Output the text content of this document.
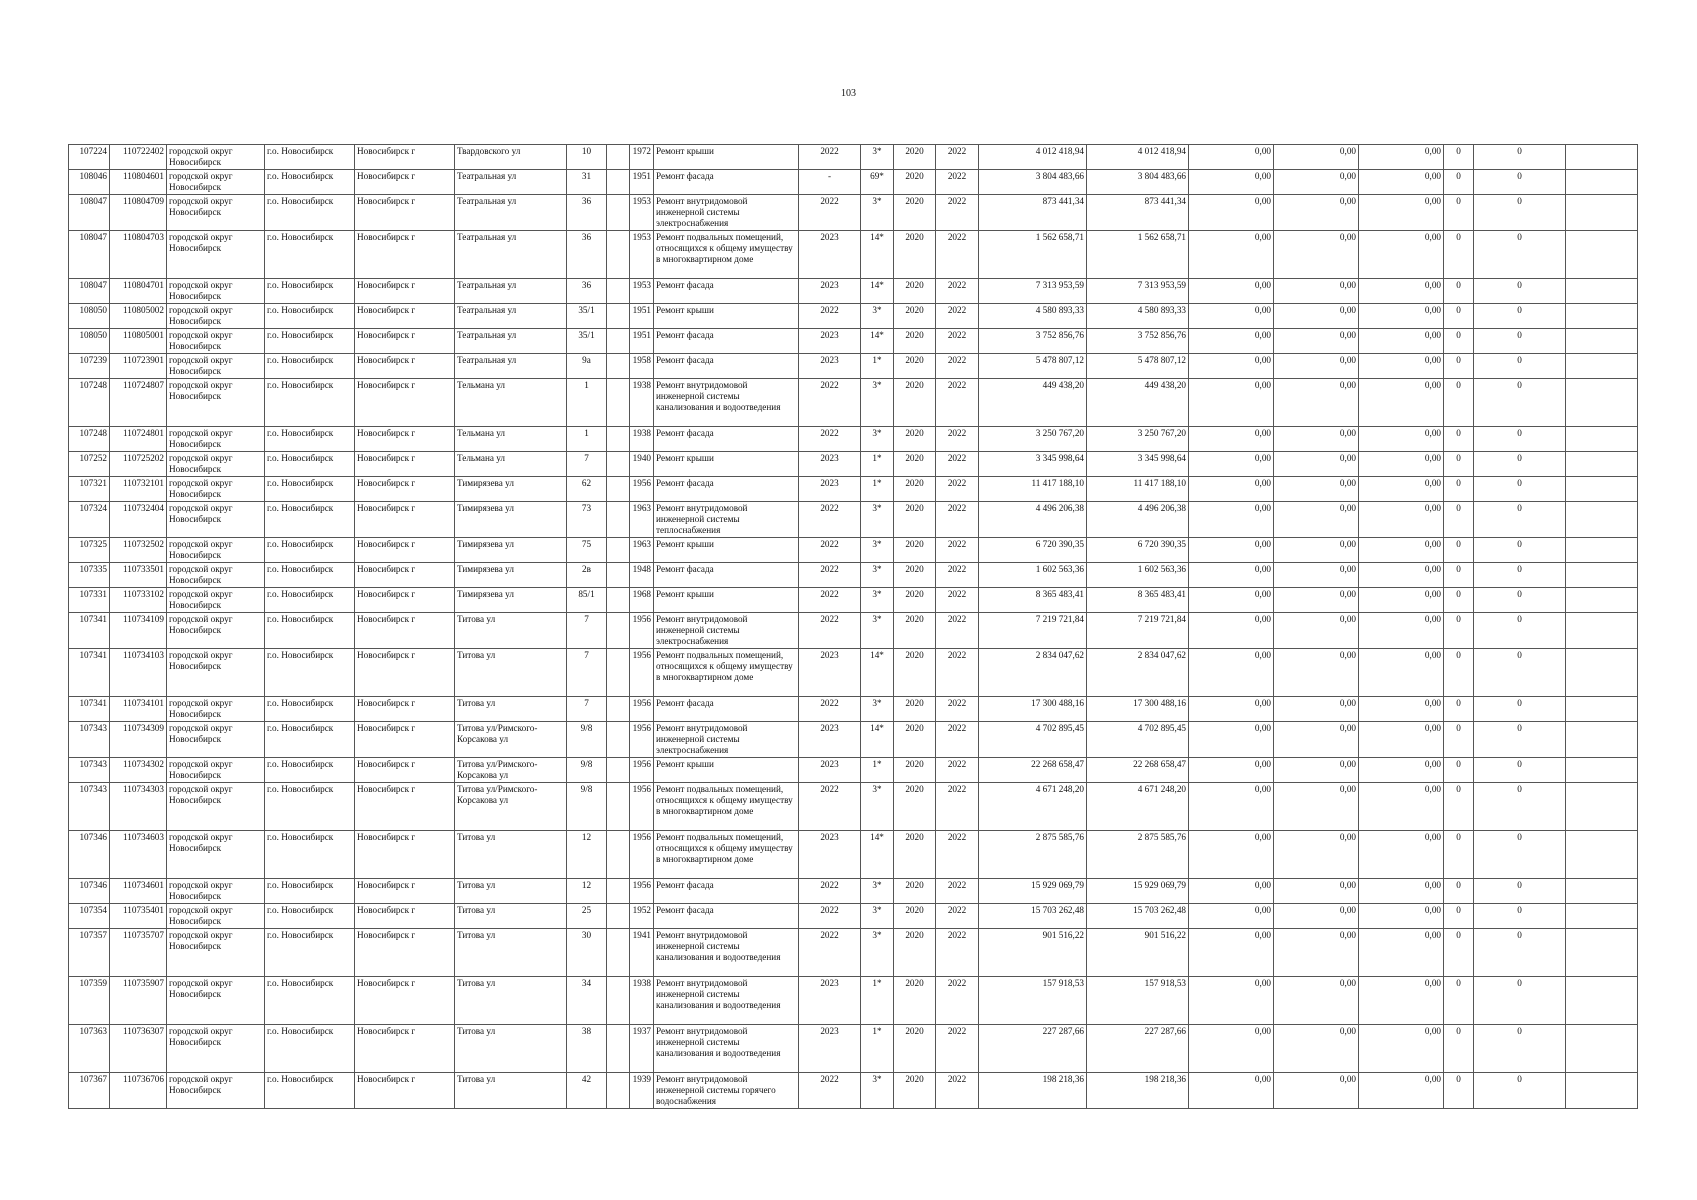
103
107224	110722402	городской округ Новосибирск	г.о. Новосибирск	Новосибирск г	Твардовского ул	10		1972	Ремонт крыши	2022	3*	2020	2022	4 012 418,94	4 012 418,94	0,00	0,00	0,00	0	0	
108046	110804601	городской округ Новосибирск	г.о. Новосибирск	Новосибирск г	Театральная ул	31		1951	Ремонт фасада	-	69*	2020	2022	3 804 483,66	3 804 483,66	0,00	0,00	0,00	0	0	
108047	110804709	городской округ Новосибирск	г.о. Новосибирск	Новосибирск г	Театральная ул	36		1953	Ремонт внутридомовой инженерной системы электроснабжения	2022	3*	2020	2022	873 441,34	873 441,34	0,00	0,00	0,00	0	0	
108047	110804703	городской округ Новосибирск	г.о. Новосибирск	Новосибирск г	Театральная ул	36		1953	Ремонт подвальных помещений, относящихся к общему имуществу в многоквартирном доме	2023	14*	2020	2022	1 562 658,71	1 562 658,71	0,00	0,00	0,00	0	0	
108047	110804701	городской округ Новосибирск	г.о. Новосибирск	Новосибирск г	Театральная ул	36		1953	Ремонт фасада	2023	14*	2020	2022	7 313 953,59	7 313 953,59	0,00	0,00	0,00	0	0	
108050	110805002	городской округ Новосибирск	г.о. Новосибирск	Новосибирск г	Театральная ул	35/1		1951	Ремонт крыши	2022	3*	2020	2022	4 580 893,33	4 580 893,33	0,00	0,00	0,00	0	0	
108050	110805001	городской округ Новосибирск	г.о. Новосибирск	Новосибирск г	Театральная ул	35/1		1951	Ремонт фасада	2023	14*	2020	2022	3 752 856,76	3 752 856,76	0,00	0,00	0,00	0	0	
107239	110723901	городской округ Новосибирск	г.о. Новосибирск	Новосибирск г	Театральная ул	9а		1958	Ремонт фасада	2023	1*	2020	2022	5 478 807,12	5 478 807,12	0,00	0,00	0,00	0	0	
107248	110724807	городской округ Новосибирск	г.о. Новосибирск	Новосибирск г	Тельмана ул	1		1938	Ремонт внутридомовой инженерной системы канализования и водоотведения	2022	3*	2020	2022	449 438,20	449 438,20	0,00	0,00	0,00	0	0	
107248	110724801	городской округ Новосибирск	г.о. Новосибирск	Новосибирск г	Тельмана ул	1		1938	Ремонт фасада	2022	3*	2020	2022	3 250 767,20	3 250 767,20	0,00	0,00	0,00	0	0	
107252	110725202	городской округ Новосибирск	г.о. Новосибирск	Новосибирск г	Тельмана ул	7		1940	Ремонт крыши	2023	1*	2020	2022	3 345 998,64	3 345 998,64	0,00	0,00	0,00	0	0	
107321	110732101	городской округ Новосибирск	г.о. Новосибирск	Новосибирск г	Тимирязева ул	62		1956	Ремонт фасада	2023	1*	2020	2022	11 417 188,10	11 417 188,10	0,00	0,00	0,00	0	0	
107324	110732404	городской округ Новосибирск	г.о. Новосибирск	Новосибирск г	Тимирязева ул	73		1963	Ремонт внутридомовой инженерной системы теплоснабжения	2022	3*	2020	2022	4 496 206,38	4 496 206,38	0,00	0,00	0,00	0	0	
107325	110732502	городской округ Новосибирск	г.о. Новосибирск	Новосибирск г	Тимирязева ул	75		1963	Ремонт крыши	2022	3*	2020	2022	6 720 390,35	6 720 390,35	0,00	0,00	0,00	0	0	
107335	110733501	городской округ Новосибирск	г.о. Новосибирск	Новосибирск г	Тимирязева ул	2в		1948	Ремонт фасада	2022	3*	2020	2022	1 602 563,36	1 602 563,36	0,00	0,00	0,00	0	0	
107331	110733102	городской округ Новосибирск	г.о. Новосибирск	Новосибирск г	Тимирязева ул	85/1		1968	Ремонт крыши	2022	3*	2020	2022	8 365 483,41	8 365 483,41	0,00	0,00	0,00	0	0	
107341	110734109	городской округ Новосибирск	г.о. Новосибирск	Новосибирск г	Титова ул	7		1956	Ремонт внутридомовой инженерной системы электроснабжения	2022	3*	2020	2022	7 219 721,84	7 219 721,84	0,00	0,00	0,00	0	0	
107341	110734103	городской округ Новосибирск	г.о. Новосибирск	Новосибирск г	Титова ул	7		1956	Ремонт подвальных помещений, относящихся к общему имуществу в многоквартирном доме	2023	14*	2020	2022	2 834 047,62	2 834 047,62	0,00	0,00	0,00	0	0	
107341	110734101	городской округ Новосибирск	г.о. Новосибирск	Новосибирск г	Титова ул	7		1956	Ремонт фасада	2022	3*	2020	2022	17 300 488,16	17 300 488,16	0,00	0,00	0,00	0	0	
107343	110734309	городской округ Новосибирск	г.о. Новосибирск	Новосибирск г	Титова ул/Римского-Корсакова ул	9/8		1956	Ремонт внутридомовой инженерной системы электроснабжения	2023	14*	2020	2022	4 702 895,45	4 702 895,45	0,00	0,00	0,00	0	0	
107343	110734302	городской округ Новосибирск	г.о. Новосибирск	Новосибирск г	Титова ул/Римского-Корсакова ул	9/8		1956	Ремонт крыши	2023	1*	2020	2022	22 268 658,47	22 268 658,47	0,00	0,00	0,00	0	0	
107343	110734303	городской округ Новосибирск	г.о. Новосибирск	Новосибирск г	Титова ул/Римского-Корсакова ул	9/8		1956	Ремонт подвальных помещений, относящихся к общему имуществу в многоквартирном доме	2022	3*	2020	2022	4 671 248,20	4 671 248,20	0,00	0,00	0,00	0	0	
107346	110734603	городской округ Новосибирск	г.о. Новосибирск	Новосибирск г	Титова ул	12		1956	Ремонт подвальных помещений, относящихся к общему имуществу в многоквартирном доме	2023	14*	2020	2022	2 875 585,76	2 875 585,76	0,00	0,00	0,00	0	0	
107346	110734601	городской округ Новосибирск	г.о. Новосибирск	Новосибирск г	Титова ул	12		1956	Ремонт фасада	2022	3*	2020	2022	15 929 069,79	15 929 069,79	0,00	0,00	0,00	0	0	
107354	110735401	городской округ Новосибирск	г.о. Новосибирск	Новосибирск г	Титова ул	25		1952	Ремонт фасада	2022	3*	2020	2022	15 703 262,48	15 703 262,48	0,00	0,00	0,00	0	0	
107357	110735707	городской округ Новосибирск	г.о. Новосибирск	Новосибирск г	Титова ул	30		1941	Ремонт внутридомовой инженерной системы канализования и водоотведения	2022	3*	2020	2022	901 516,22	901 516,22	0,00	0,00	0,00	0	0	
107359	110735907	городской округ Новосибирск	г.о. Новосибирск	Новосибирск г	Титова ул	34		1938	Ремонт внутридомовой инженерной системы канализования и водоотведения	2023	1*	2020	2022	157 918,53	157 918,53	0,00	0,00	0,00	0	0	
107363	110736307	городской округ Новосибирск	г.о. Новосибирск	Новосибирск г	Титова ул	38		1937	Ремонт внутридомовой инженерной системы канализования и водоотведения	2023	1*	2020	2022	227 287,66	227 287,66	0,00	0,00	0,00	0	0	
107367	110736706	городской округ Новосибирск	г.о. Новосибирск	Новосибирск г	Титова ул	42		1939	Ремонт внутридомовой инженерной системы горячего водоснабжения	2022	3*	2020	2022	198 218,36	198 218,36	0,00	0,00	0,00	0	0	
